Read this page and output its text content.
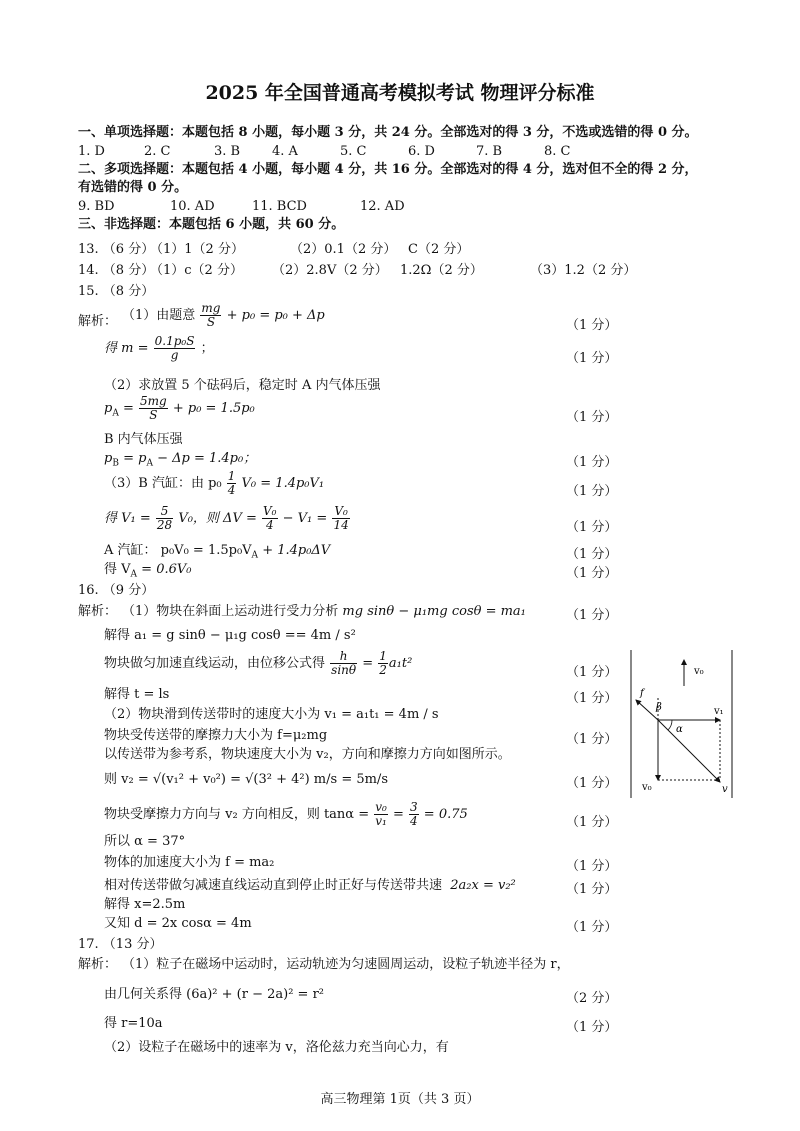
2025 年全国普通高考模拟考试 物理评分标准
一、单项选择题：本题包括 8 小题，每小题 3 分，共 24 分。全部选对的得 3 分，不选或选错的得 0 分。
1. D	2. C	3. B 4. A	5. C	6. D	7. B	8. C
二、多项选择题：本题包括 4 小题，每小题 4 分，共 16 分。全部选对的得 4 分，选对但不全的得 2 分，
有选错的得 0 分。
9. BD	10. AD	11. BCD	12. AD
三、非选择题：本题包括 6 小题，共 60 分。
13. （6 分）
（1）1（2 分）	（2）0.1（2 分） C（2 分）
14. （8 分）
（1）c（2 分） （2）2.8V（2 分） 1.2Ω（2 分）	（3）1.2（2 分）
15. （8 分）
解析： （1）由题意 $\frac{mg}{S} + p_0 = p_0 + \Delta p$
（1 分）
得 $m = \frac{\text{0.1p₀S}}{g}$ ；
（1 分）
（2）求放置 5 个砝码后，稳定时 A 内气体压强
$p_A = \frac{5mg}{S} + p_0 = 1.5p_0$
（1 分）
B 内气体压强
$p_B = p_A - \Delta p = 1.4p_0$；	（1 分）
（3）B 汽缸：由 $p_0 \frac{1}{4} V_0 = 1.4p_0V_1$
（1 分）
得 $V_1 = \frac{5}{28} V_0$，则 $\Delta V = \frac{\text{V₀}}{4} - V_1 = \frac{\text{V₀}}{14}$	（1 分）
A 汽缸： $p_0V_0 = 1.5p_0V_A + 1.4p_0\Delta V$	（1 分）
得 $V_A = 0.6V_0$	（1 分）
16. （9 分）
解析： （1）物块在斜面上运动进行受力分析 mg sinθ − μ₁mg cosθ = ma₁	（1 分）
解得 a₁ = g sinθ − μ₁g cosθ == 4m / s²
物块做匀加速直线运动，由位移公式得 $\frac{h}{\sin\theta} = \frac{1}{2} a_1t^2$
（1 分）
解得 t = ls	（1 分）
（2）物块滑到传送带时的速度大小为 v₁ = a₁t₁ = 4m / s
物块受传送带的摩擦力大小为 f=μ₂mg	（1 分）
以传送带为参考系，物块速度大小为 v₂，方向和摩擦力方向如图所示。
则 v₂ = √(v₁² + v₀²) = √(3² + 4²) m/s = 5m/s	（1 分）
物块受摩擦力方向与 v₂ 方向相反，则 $\tan\alpha = \frac{\text{v₀}}{\text{v₁}} = \frac{3}{4} = 0.75$
（1 分）
所以 α = 37°
物体的加速度大小为 f = ma₂	（1 分）
相对传送带做匀减速直线运动直到停止时正好与传送带共速 2a₂x = v₂²	（1 分）
解得 x=2.5m
又知 d = 2x cosα = 4m	（1 分）
v₀
v₁
v₀	v
f
β
α
17. （13 分）
解析： （1）粒子在磁场中运动时，运动轨迹为匀速圆周运动，设粒子轨迹半径为 r，
由几何关系得 (6a)² + (r − 2a)² = r²	（2 分）
得 r=10a	（1 分）
（2）设粒子在磁场中的速率为 v，洛伦兹力充当向心力，有
高三物理第 1页（共 3 页）
